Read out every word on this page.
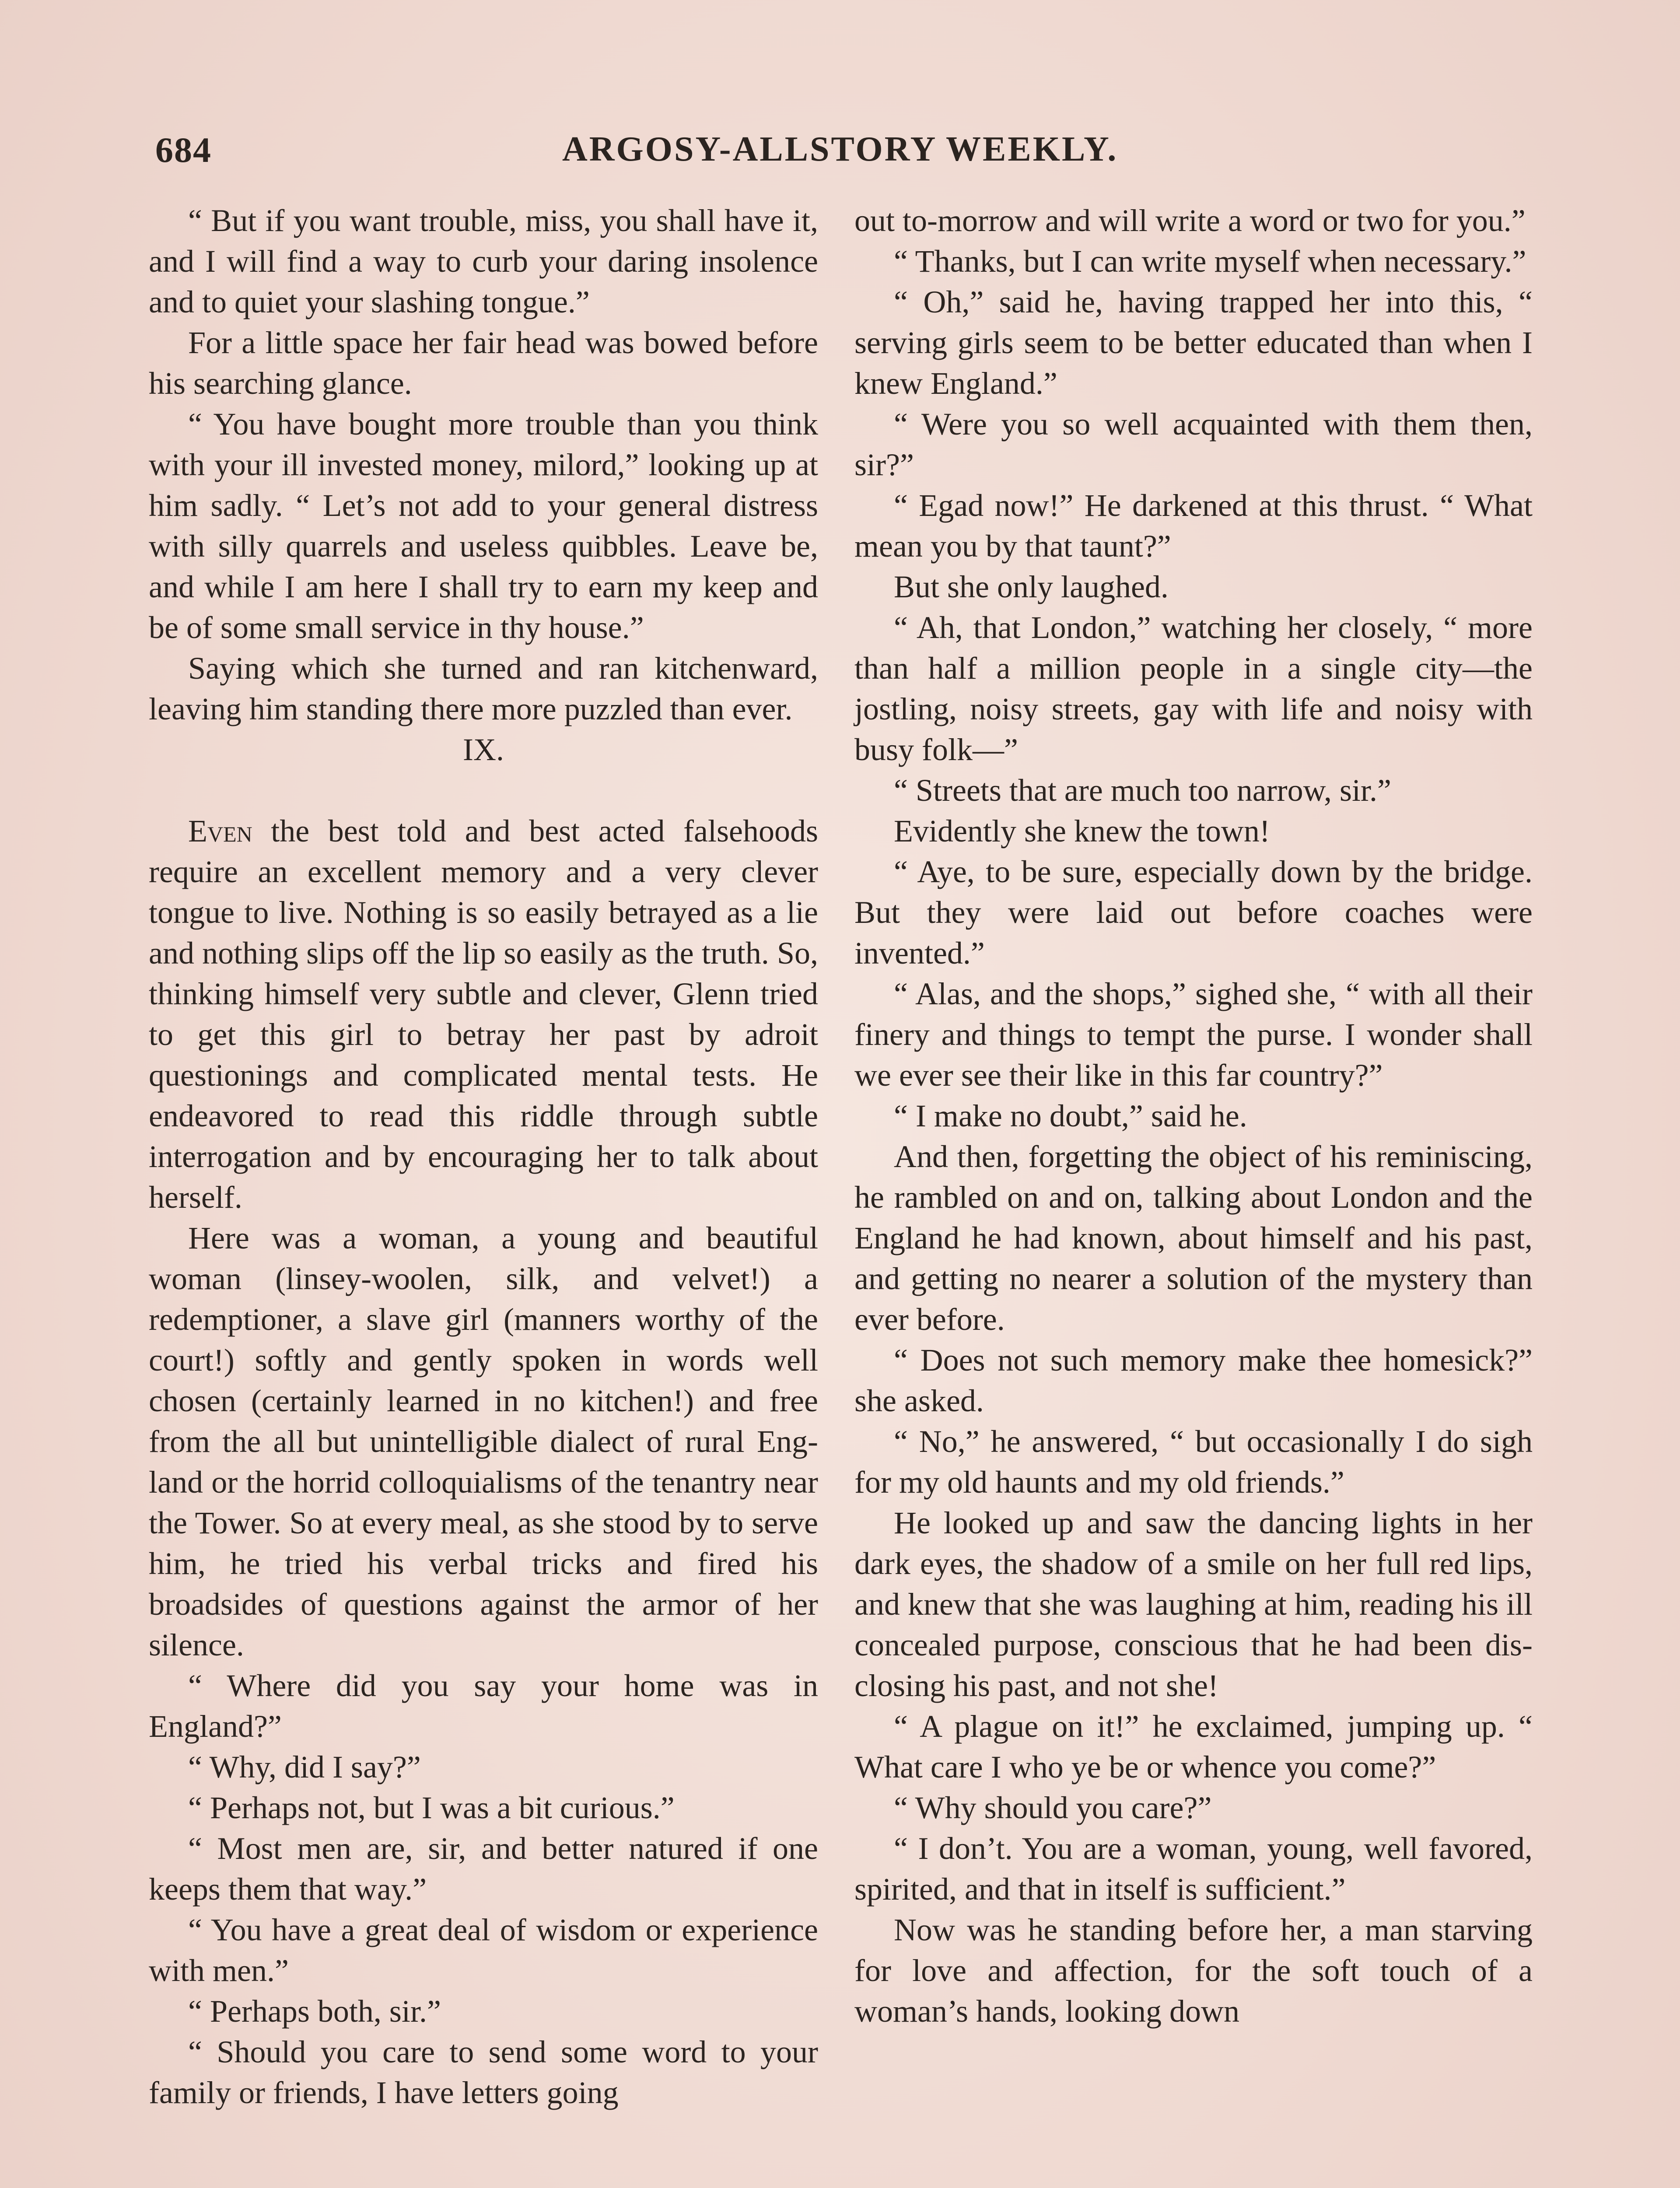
684	ARGOSY-ALLSTORY WEEKLY.

“ But if you want trouble, miss, you shall have it, and I will find a way to curb your daring insolence and to quiet your slashing tongue.”

For a little space her fair head was bowed before his searching glance.

“ You have bought more trouble than you think with your ill invested money, milord,” looking up at him sadly. “ Let’s not add to your general distress with silly quarrels and useless quibbles. Leave be, and while I am here I shall try to earn my keep and be of some small service in thy house.”

Saying which she turned and ran kitchenward, leaving him standing there more puzzled than ever.

IX.

Even the best told and best acted falsehoods require an excellent memory and a very clever tongue to live. Nothing is so easily betrayed as a lie and nothing slips off the lip so easily as the truth. So, thinking himself very subtle and clever, Glenn tried to get this girl to betray her past by adroit questionings and complicated mental tests. He endeavored to read this riddle through subtle interrogation and by encouraging her to talk about herself.

Here was a woman, a young and beautiful woman (linsey-woolen, silk, and velvet!) a redemptioner, a slave girl (manners worthy of the court!) softly and gently spoken in words well chosen (certainly learned in no kitchen!) and free from the all but unintelligible dialect of rural England or the horrid colloquialisms of the tenantry near the Tower. So at every meal, as she stood by to serve him, he tried his verbal tricks and fired his broadsides of questions against the armor of her silence.

“ Where did you say your home was in England?”

“ Why, did I say?”

“ Perhaps not, but I was a bit curious.”

“ Most men are, sir, and better natured if one keeps them that way.”

“ You have a great deal of wisdom or experience with men.”

“ Perhaps both, sir.”

“ Should you care to send some word to your family or friends, I have letters going

out to-morrow and will write a word or two for you.”

“ Thanks, but I can write myself when necessary.”

“ Oh,” said he, having trapped her into this, “ serving girls seem to be better educated than when I knew England.”

“ Were you so well acquainted with them then, sir?”

“ Egad now!” He darkened at this thrust. “ What mean you by that taunt?”

But she only laughed.

“ Ah, that London,” watching her closely, “ more than half a million people in a single city—the jostling, noisy streets, gay with life and noisy with busy folk—”

“ Streets that are much too narrow, sir.”

Evidently she knew the town!

“ Aye, to be sure, especially down by the bridge. But they were laid out before coaches were invented.”

“ Alas, and the shops,” sighed she, “ with all their finery and things to tempt the purse. I wonder shall we ever see their like in this far country?”

“ I make no doubt,” said he.

And then, forgetting the object of his reminiscing, he rambled on and on, talking about London and the England he had known, about himself and his past, and getting no nearer a solution of the mystery than ever before.

“ Does not such memory make thee homesick?” she asked.

“ No,” he answered, “ but occasionally I do sigh for my old haunts and my old friends.”

He looked up and saw the dancing lights in her dark eyes, the shadow of a smile on her full red lips, and knew that she was laughing at him, reading his ill concealed purpose, conscious that he had been disclosing his past, and not she!

“ A plague on it!” he exclaimed, jumping up. “ What care I who ye be or whence you come?”

“ Why should you care?”

“ I don’t. You are a woman, young, well favored, spirited, and that in itself is sufficient.”

Now was he standing before her, a man starving for love and affection, for the soft touch of a woman’s hands, looking down
